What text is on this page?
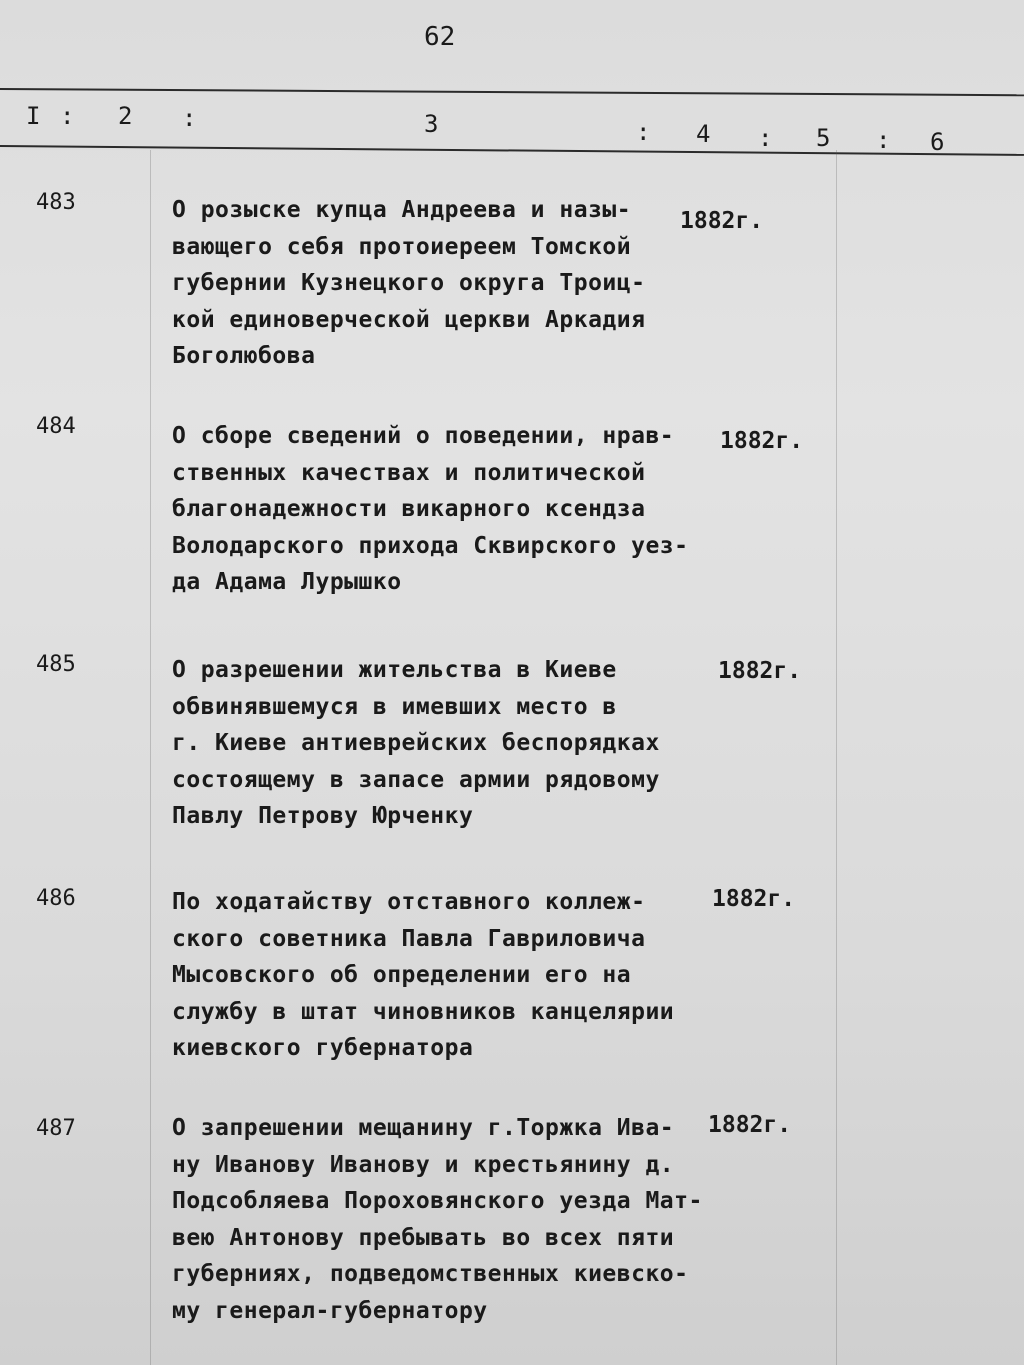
62
I : 2 :	3	: 4 : 5 : 6
483	О розыске купца Андреева и назы-
вающего себя протоиереем Томской
губернии Кузнецкого округа Троиц-
кой единоверческой церкви Аркадия
Боголюбова
1882г.
484	О сборе сведений о поведении, нрав-
ственных качествах и политической
благонадежности викарного ксендза
Володарского прихода Сквирского уез-
да Адама Лурышко
1882г.
485	О разрешении жительства в Киеве
обвинявшемуся в имевших место в
г. Киеве антиеврейских беспорядках
состоящему в запасе армии рядовому
Павлу Петрову Юрченку
1882г.
486	По ходатайству отставного коллеж-
ского советника Павла Гавриловича
Мысовского об определении его на
службу в штат чиновников канцелярии
киевского губернатора
1882г.
487	О запрешении мещанину г.Торжка Ива-
ну Иванову Иванову и крестьянину д.
Подсобляева Пороховянского уезда Мат-
вею Антонову пребывать во всех пяти
губерниях, подведомственных киевско-
му генерал-губернатору
1882г.
